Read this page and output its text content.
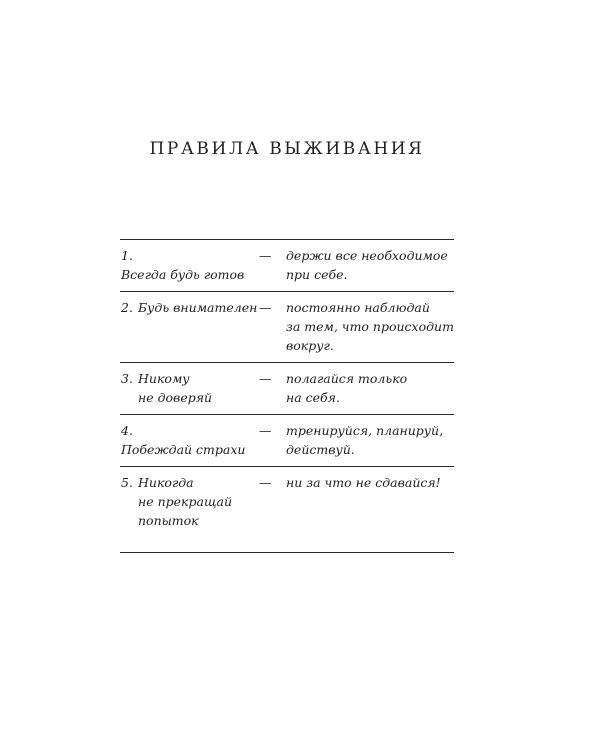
ПРАВИЛА ВЫЖИВАНИЯ
1.Всегда будь готов	—	держи все необходимое
при себе.
2. Будь внимателен	—	постоянно наблюдай
за тем, что происходит
вокруг.
3. Никому
не доверяй	—	полагайся только
на себя.
4.Побеждай страхи	—	тренируйся, планируй,
действуй.
5. Никогда
не прекращай
попыток	—	ни за что не сдавайся!
